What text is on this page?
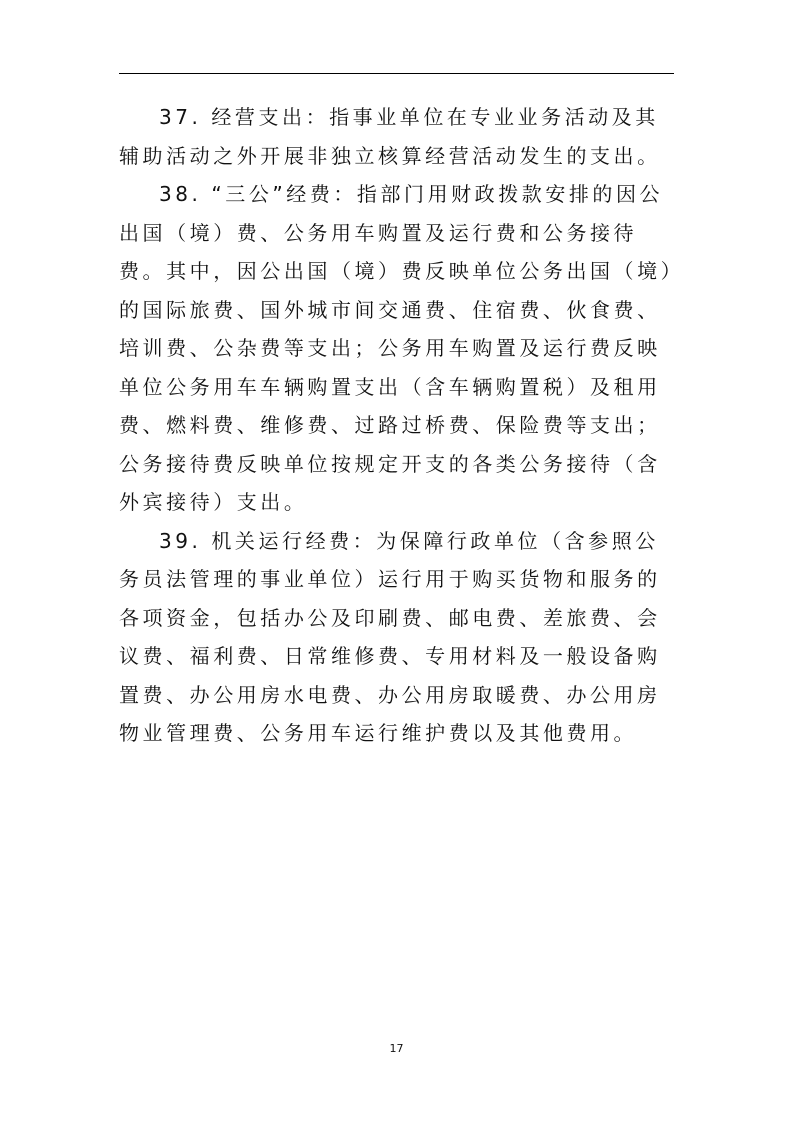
37. 经营支出：指事业单位在专业业务活动及其辅助活动之外开展非独立核算经营活动发生的支出。

38. “三公”经费：指部门用财政拨款安排的因公出国（境）费、公务用车购置及运行费和公务接待费。其中，因公出国（境）费反映单位公务出国（境）的国际旅费、国外城市间交通费、住宿费、伙食费、培训费、公杂费等支出；公务用车购置及运行费反映单位公务用车车辆购置支出（含车辆购置税）及租用费、燃料费、维修费、过路过桥费、保险费等支出；公务接待费反映单位按规定开支的各类公务接待（含外宾接待）支出。

39. 机关运行经费：为保障行政单位（含参照公务员法管理的事业单位）运行用于购买货物和服务的各项资金，包括办公及印刷费、邮电费、差旅费、会议费、福利费、日常维修费、专用材料及一般设备购置费、办公用房水电费、办公用房取暖费、办公用房物业管理费、公务用车运行维护费以及其他费用。

17
